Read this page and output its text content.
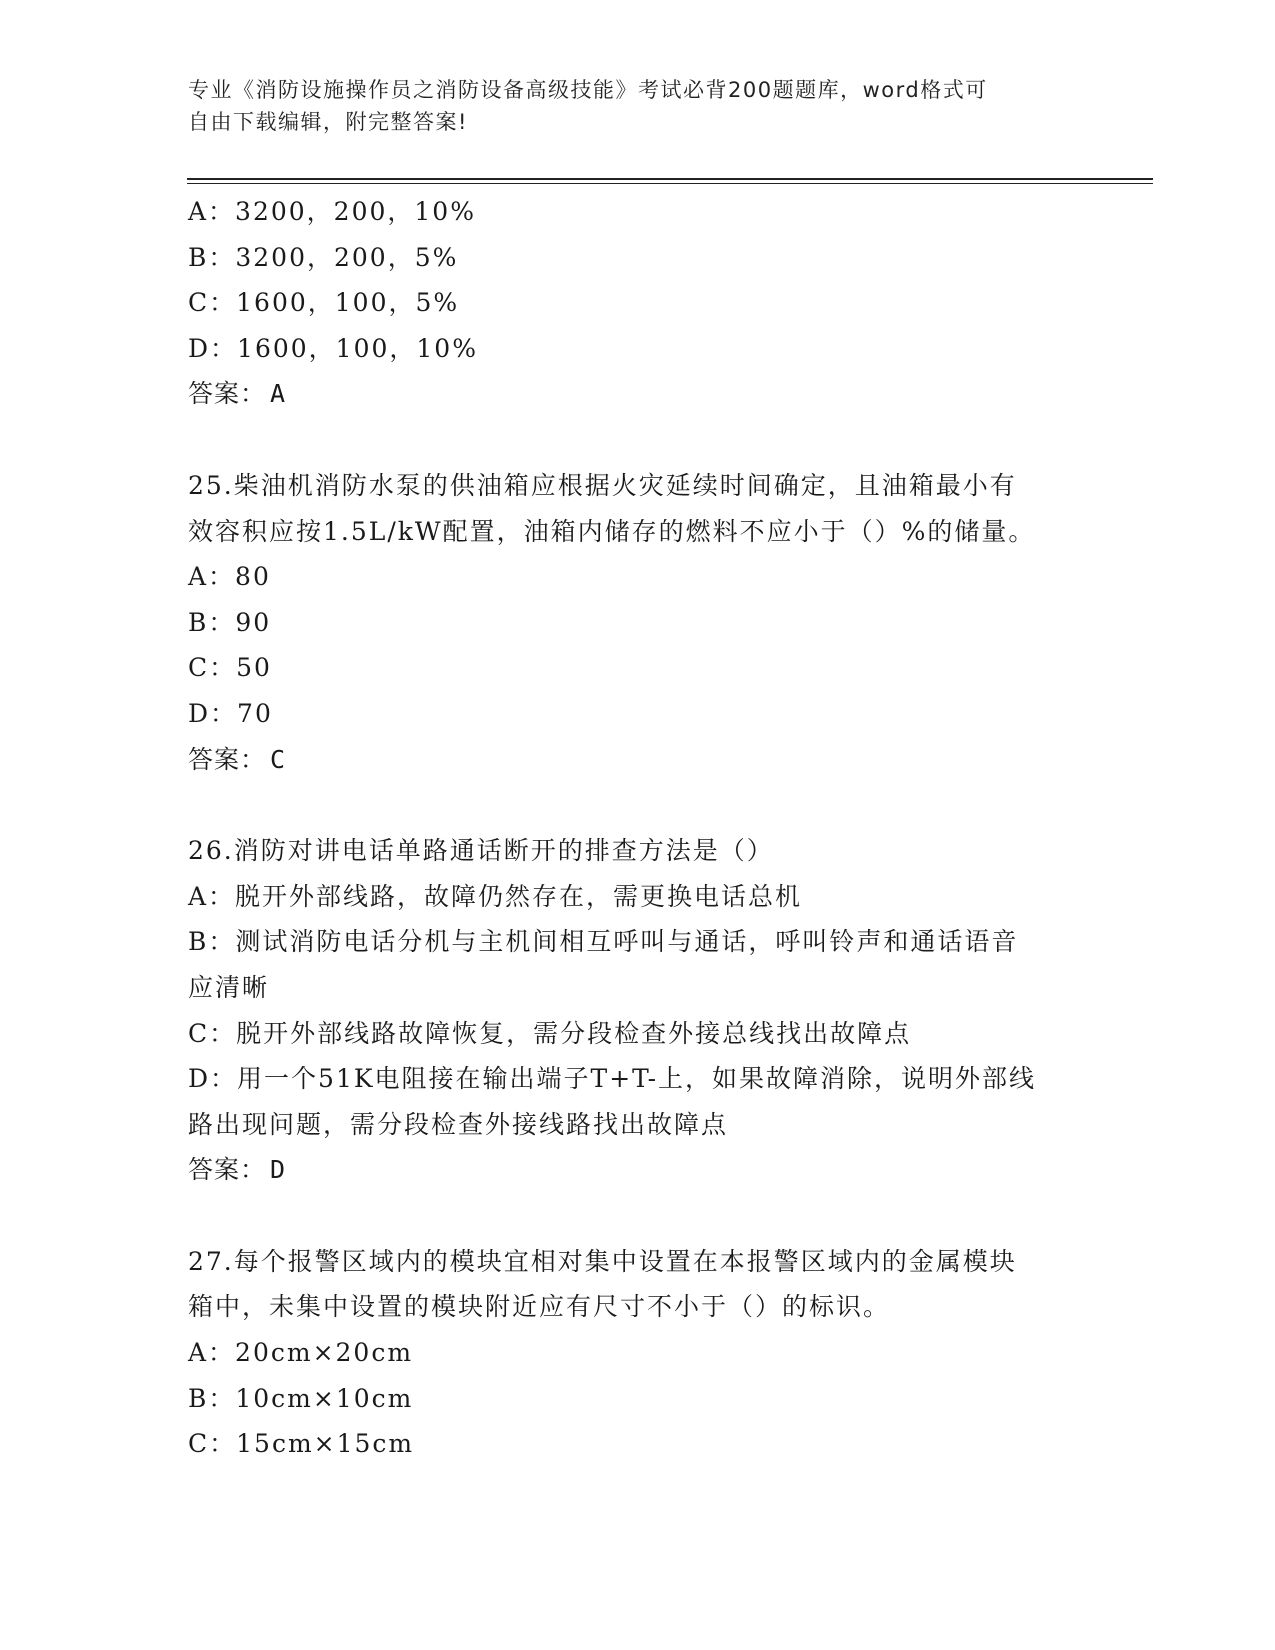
专业《消防设施操作员之消防设备高级技能》考试必背200题题库，word格式可
自由下载编辑，附完整答案!
A：3200，200，10%
B：3200，200，5%
C：1600，100，5%
D：1600，100，10%
答案： A
25.柴油机消防水泵的供油箱应根据火灾延续时间确定，且油箱最小有
效容积应按1.5L/kW配置，油箱内储存的燃料不应小于（）%的储量。
A：80
B：90
C：50
D：70
答案： C
26.消防对讲电话单路通话断开的排查方法是（）
A：脱开外部线路，故障仍然存在，需更换电话总机
B：测试消防电话分机与主机间相互呼叫与通话，呼叫铃声和通话语音
应清晰
C：脱开外部线路故障恢复，需分段检查外接总线找出故障点
D：用一个51K电阻接在输出端子T+T-上，如果故障消除，说明外部线
路出现问题，需分段检查外接线路找出故障点
答案： D
27.每个报警区域内的模块宜相对集中设置在本报警区域内的金属模块
箱中，未集中设置的模块附近应有尺寸不小于（）的标识。
A：20cm×20cm
B：10cm×10cm
C：15cm×15cm
